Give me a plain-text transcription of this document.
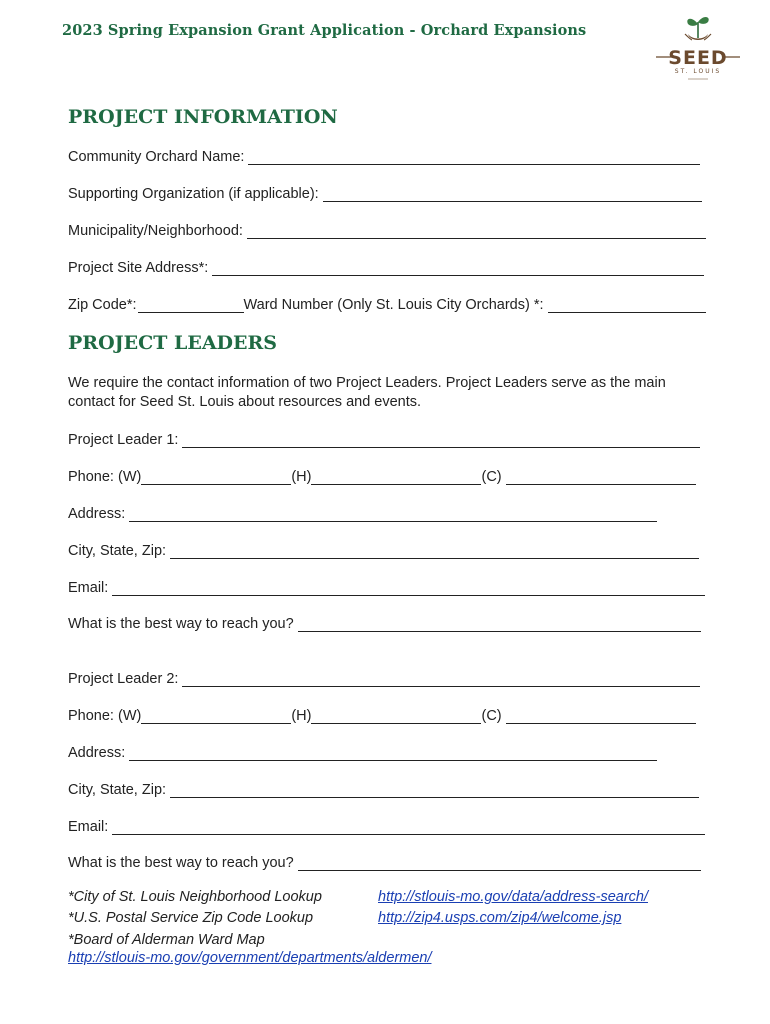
2023 Spring Expansion Grant Application - Orchard Expansions
SEED
ST. LOUIS
PROJECT INFORMATION
Community Orchard Name:
Supporting Organization (if applicable):
Municipality/Neighborhood:
Project Site Address*:
Zip Code*:	Ward Number (Only St. Louis City Orchards) *:
PROJECT LEADERS
We require the contact information of two Project Leaders. Project Leaders serve as the main contact for Seed St. Louis about resources and events.
Project Leader 1:
Phone: (W)	(H)	(C)
Address:
City, State, Zip:
Email:
What is the best way to reach you?
Project Leader 2:
Phone: (W)	(H)	(C)
Address:
City, State, Zip:
Email:
What is the best way to reach you?
*City of St. Louis Neighborhood Lookup	http://stlouis-mo.gov/data/address-search/
*U.S. Postal Service Zip Code Lookup	http://zip4.usps.com/zip4/welcome.jsp
*Board of Alderman Ward Map
http://stlouis-mo.gov/government/departments/aldermen/
